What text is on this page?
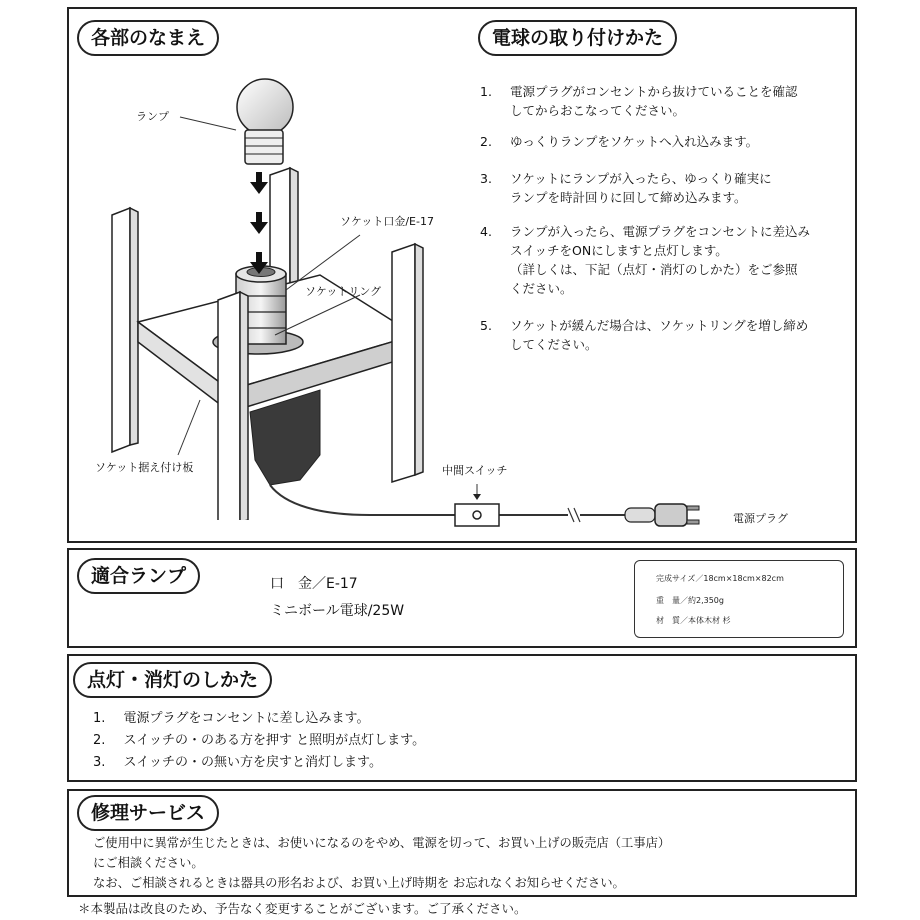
各部のなまえ	電球の取り付けかた
ランプ
ソケット口金/E-17
ソケットリング
ソケット据え付け板	中間スイッチ
電源プラグ
1. 電源プラグがコンセントから抜けていることを確認
してからおこなってください。
2. ゆっくりランプをソケットへ入れ込みます。
3. ソケットにランプが入ったら、ゆっくり確実に
ランプを時計回りに回して締め込みます。
4. ランプが入ったら、電源プラグをコンセントに差込み
スイッチをONにしますと点灯します。
（詳しくは、下記（点灯・消灯のしかた）をご参照
ください。
5. ソケットが緩んだ場合は、ソケットリングを増し締め
してください。
適合ランプ	口　金／E-17
ミニボール電球/25W
完成サイズ／18cm×18cm×82cm
重　量／約2,350g
材　質／本体木材 杉
点灯・消灯のしかた
1. 電源プラグをコンセントに差し込みます。
2. スイッチの・のある方を押す と照明が点灯します。
3. スイッチの・の無い方を戻すと消灯します。
修理サービス
ご使用中に異常が生じたときは、お使いになるのをやめ、電源を切って、お買い上げの販売店（工事店）
にご相談ください。
なお、ご相談されるときは器具の形名および、お買い上げ時期を お忘れなくお知らせください。
＊本製品は改良のため、予告なく変更することがございます。ご了承ください。
